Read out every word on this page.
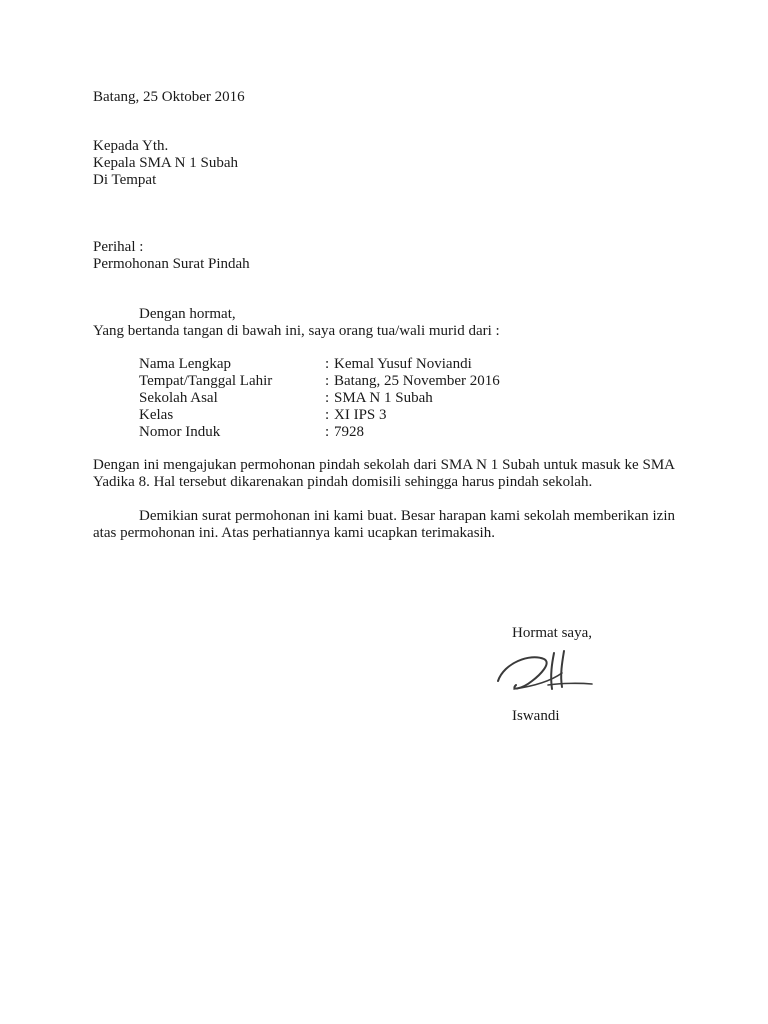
Batang, 25 Oktober 2016
Kepada Yth.
Kepala SMA N 1 Subah
Di Tempat
Perihal :
Permohonan Surat Pindah
Dengan hormat,
Yang bertanda tangan di bawah ini, saya orang tua/wali murid dari :
Nama Lengkap	: Kemal Yusuf Noviandi
Tempat/Tanggal Lahir	: Batang, 25 November 2016
Sekolah Asal	: SMA N 1 Subah
Kelas	: XI IPS 3
Nomor Induk	: 7928
Dengan ini mengajukan permohonan pindah sekolah dari SMA N 1 Subah untuk masuk ke SMA Yadika 8. Hal tersebut dikarenakan pindah domisili sehingga harus pindah sekolah.
Demikian surat permohonan ini kami buat. Besar harapan kami sekolah memberikan izin atas permohonan ini. Atas perhatiannya kami ucapkan terimakasih.
Hormat saya,
Iswandi
